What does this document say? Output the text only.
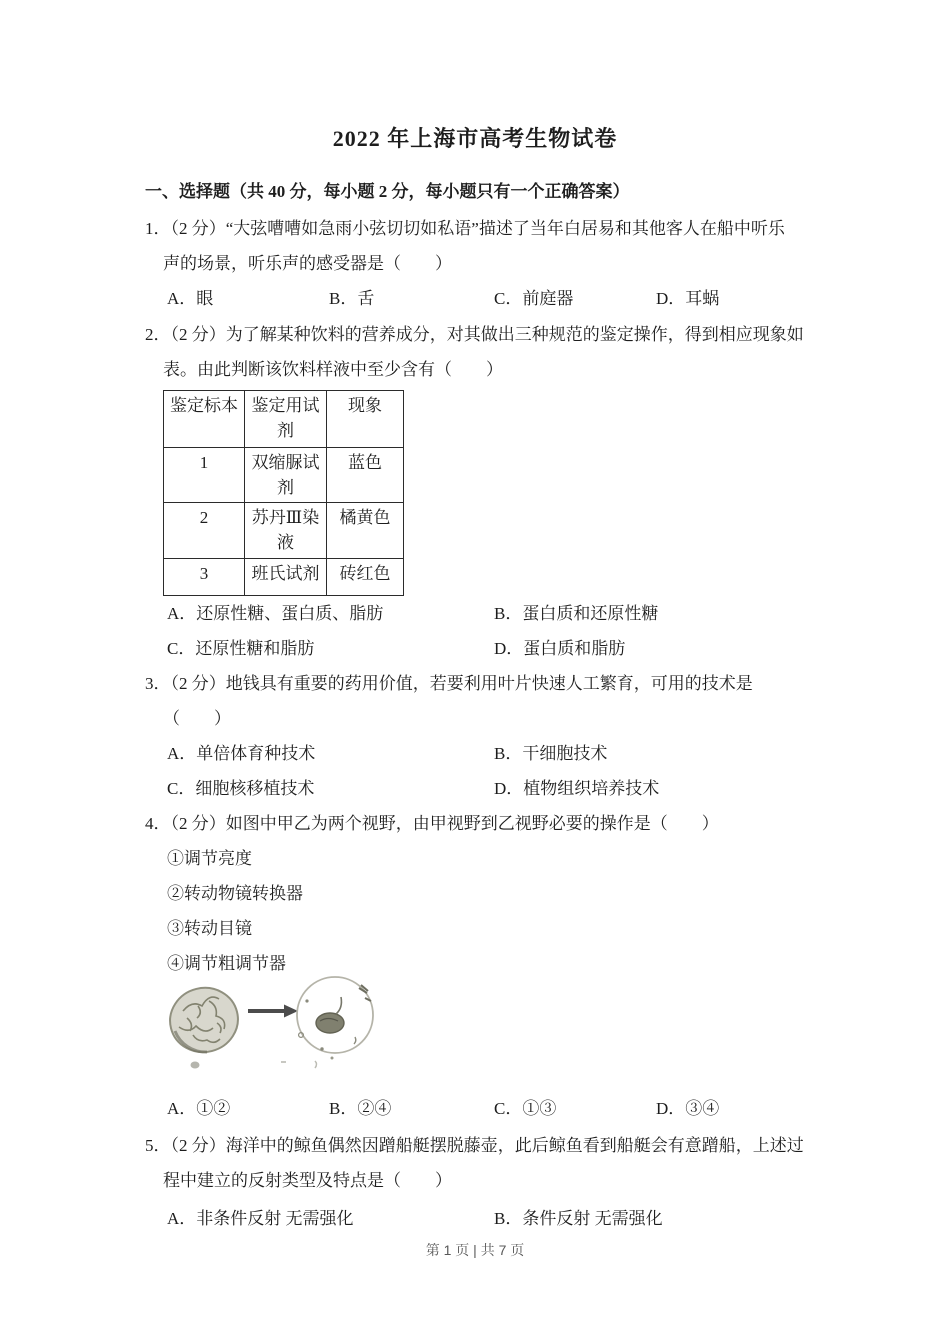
2022 年上海市高考生物试卷
一、选择题（共 40 分，每小题 2 分，每小题只有一个正确答案）
1．（2 分）“大弦嘈嘈如急雨小弦切切如私语”描述了当年白居易和其他客人在船中听乐
声的场景，听乐声的感受器是（　　）
A．眼	B．舌	C．前庭器	D．耳蜗
2．（2 分）为了解某种饮料的营养成分，对其做出三种规范的鉴定操作，得到相应现象如
表。由此判断该饮料样液中至少含有（　　）
鉴定标本	鉴定用试剂	现象
1	双缩脲试剂	蓝色
2	苏丹Ⅲ染液	橘黄色
3	班氏试剂	砖红色
A．还原性糖、蛋白质、脂肪	B．蛋白质和还原性糖
C．还原性糖和脂肪	D．蛋白质和脂肪
3．（2 分）地钱具有重要的药用价值，若要利用叶片快速人工繁育，可用的技术是
（　　）
A．单倍体育种技术	B．干细胞技术
C．细胞核移植技术	D．植物组织培养技术
4．（2 分）如图中甲乙为两个视野，由甲视野到乙视野必要的操作是（　　）
①调节亮度
②转动物镜转换器
③转动目镜
④调节粗调节器
A．①②	B．②④	C．①③	D．③④
5．（2 分）海洋中的鲸鱼偶然因蹭船艇摆脱藤壶，此后鲸鱼看到船艇会有意蹭船，上述过
程中建立的反射类型及特点是（　　）
A．非条件反射 无需强化	B．条件反射 无需强化
第 1 页 | 共 7 页
